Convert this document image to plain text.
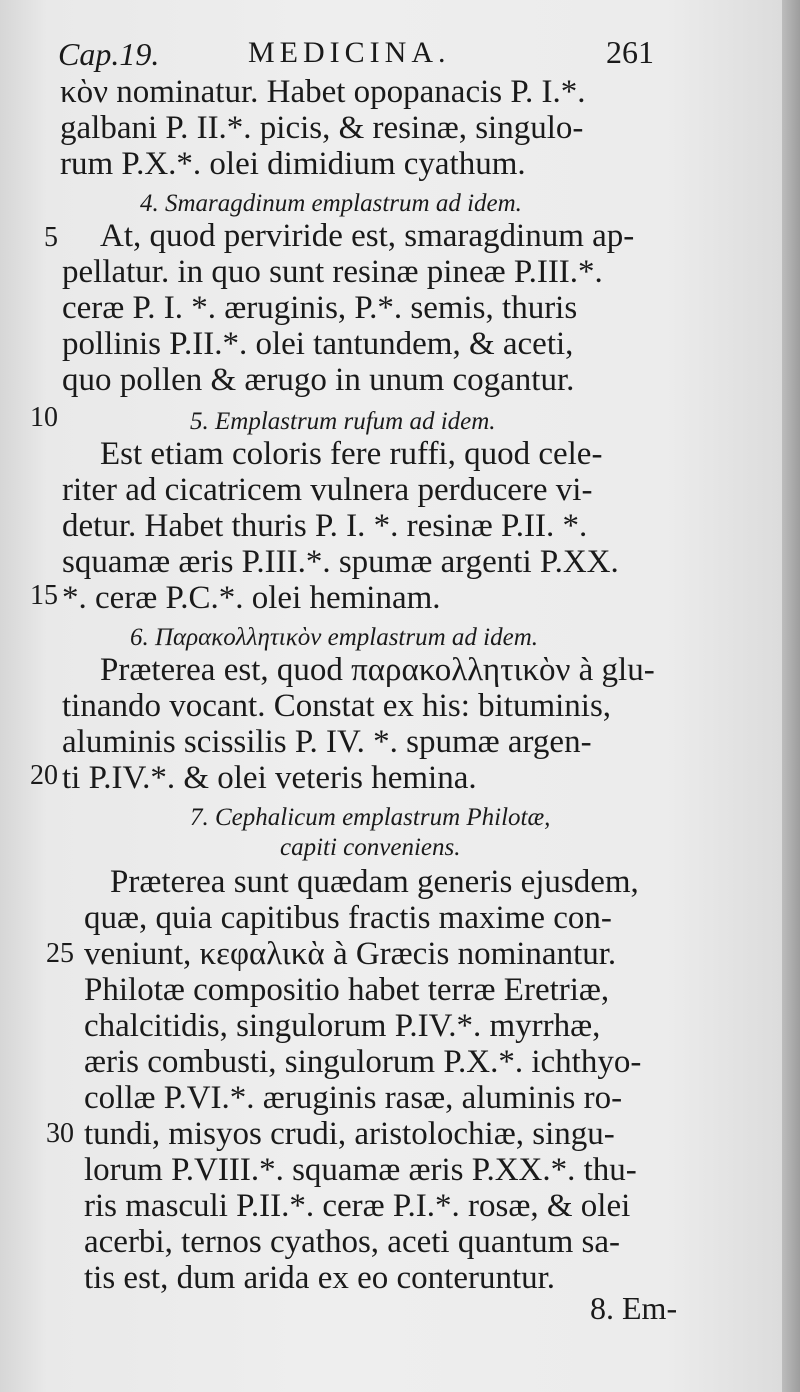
Cap.19.	MEDICINA.	261
κὸν nominatur. Habet opopanacis P. I.*.
galbani P. II.*. picis, & resinæ, singulo-
rum P.X.*. olei dimidium cyathum.
4. Smaragdinum emplastrum ad idem.
At, quod perviride est, smaragdinum ap-
pellatur. in quo sunt resinæ pineæ P.III.*.
ceræ P. I. *. æruginis, P.*. semis, thuris
pollinis P.II.*. olei tantundem, & aceti,
quo pollen & ærugo in unum cogantur.
5. Emplastrum rufum ad idem.
Est etiam coloris fere ruffi, quod cele-
riter ad cicatricem vulnera perducere vi-
detur. Habet thuris P. I. *. resinæ P.II. *.
squamæ æris P.III.*. spumæ argenti P.XX.
*. ceræ P.C.*. olei heminam.
6. Παρακολλητικὸν emplastrum ad idem.
Præterea est, quod παρακολλητικὸν à glu-
tinando vocant. Constat ex his: bituminis,
aluminis scissilis P. IV. *. spumæ argen-
ti P.IV.*. & olei veteris hemina.
7. Cephalicum emplastrum Philotæ,
capiti conveniens.
Præterea sunt quædam generis ejusdem,
quæ, quia capitibus fractis maxime con-
veniunt, κεφαλικὰ à Græcis nominantur.
Philotæ compositio habet terræ Eretriæ,
chalcitidis, singulorum P.IV.*. myrrhæ,
æris combusti, singulorum P.X.*. ichthyo-
collæ P.VI.*. æruginis rasæ, aluminis ro-
tundi, misyos crudi, aristolochiæ, singu-
lorum P.VIII.*. squamæ æris P.XX.*. thu-
ris masculi P.II.*. ceræ P.I.*. rosæ, & olei
acerbi, ternos cyathos, aceti quantum sa-
tis est, dum arida ex eo conteruntur.
5
10
15
20
25
30
8. Em-
